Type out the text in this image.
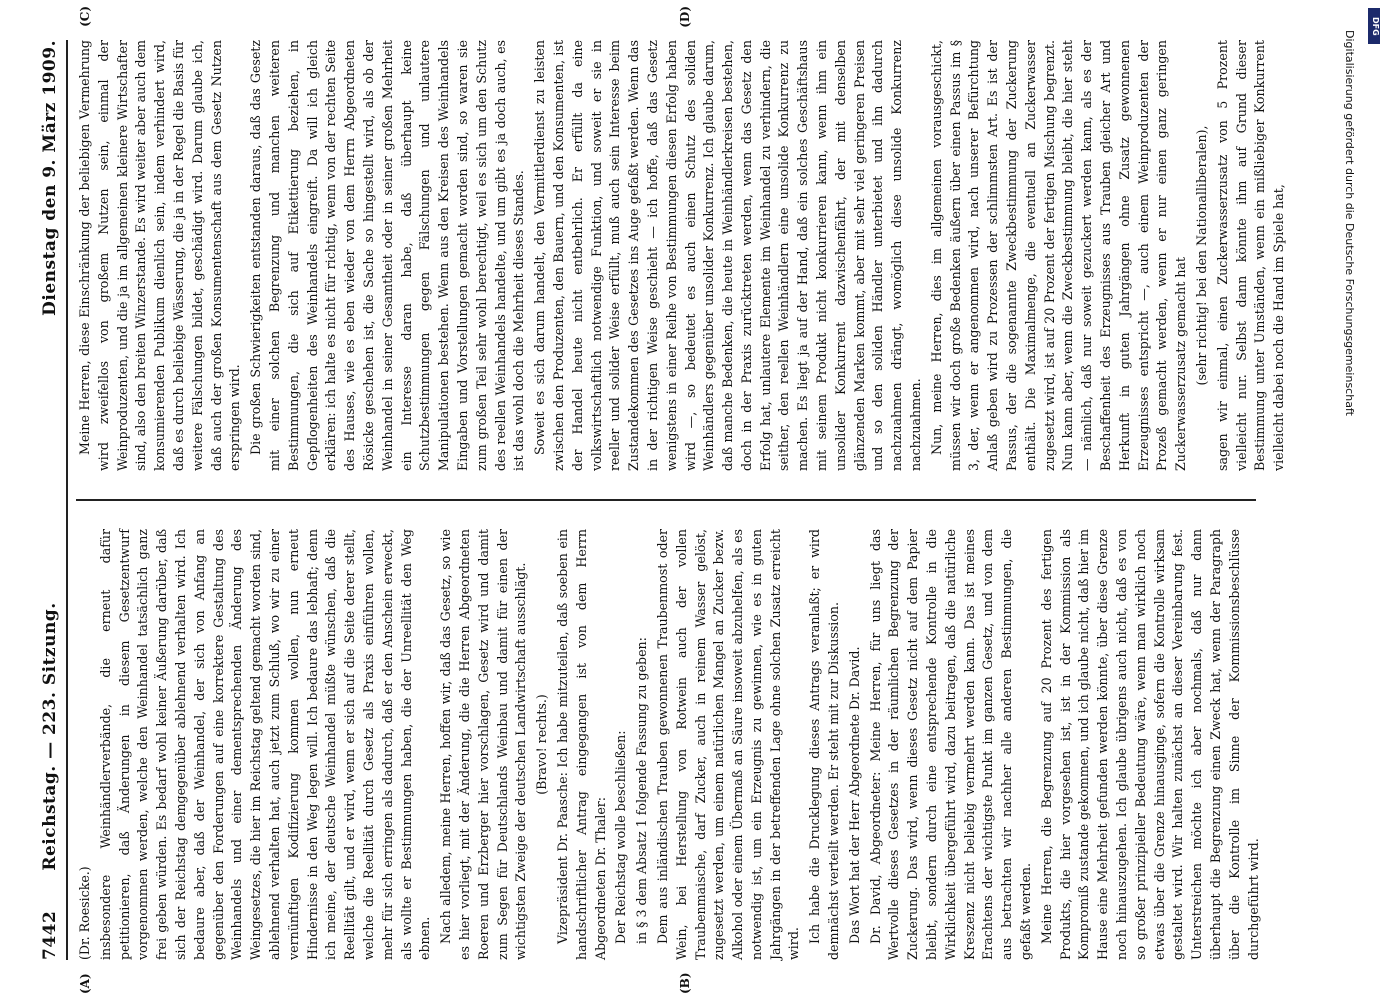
7442
Reichstag. — 223. Sitzung.
Dienstag den 9. März 1909.
(A)	(B)

(Dr. Roesicke.) insbesondere Weinhändlerverbände, die erneut dafür petitionieren, daß Änderungen in diesem Gesetzentwurf vorgenommen werden, welche den Weinhandel tatsächlich ganz frei geben würden. Es bedarf wohl keiner Äußerung darüber, daß sich der Reichstag demgegenüber ablehnend verhalten wird. Ich bedaure aber, daß der Weinhandel, der sich von Anfang an gegenüber den Forderungen auf eine korrektere Gestaltung des Weinhandels und einer dementsprechenden Änderung des Weingesetzes, die hier im Reichstag geltend gemacht worden sind, ablehnend verhalten hat, auch jetzt zum Schluß, wo wir zu einer vernünftigen Kodifizierung kommen wollen, nun erneut Hindernisse in den Weg legen will. Ich bedaure das lebhaft; denn ich meine, der deutsche Weinhandel müßte wünschen, daß die Reellität gilt, und er wird, wenn er sich auf die Seite derer stellt, welche die Reellität durch Gesetz als Praxis einführen wollen, mehr für sich erringen als dadurch, daß er den Anschein erweckt, als wollte er Bestimmungen haben, die der Unreellität den Weg ebnen. Nach alledem, meine Herren, hoffen wir, daß das Gesetz, so wie es hier vorliegt, mit der Änderung, die die Herren Abgeordneten Roeren und Erzberger hier vorschlagen, Gesetz wird und damit zum Segen für Deutschlands Weinbau und damit für einen der wichtigsten Zweige der deutschen Landwirtschaft ausschlägt. (Bravo! rechts.) Vizepräsident Dr. Paasche: Ich habe mitzuteilen, daß soeben ein handschriftlicher Antrag eingegangen ist von dem Herrn Abgeordneten Dr. Thaler: Der Reichstag wolle beschließen: in § 3 dem Absatz 1 folgende Fassung zu geben: Dem aus inländischen Trauben gewonnenen Traubenmost oder Wein, bei Herstellung von Rotwein auch der vollen Traubenmaische, darf Zucker, auch in reinem Wasser gelöst, zugesetzt werden, um einem natürlichen Mangel an Zucker bezw. Alkohol oder einem Übermaß an Säure insoweit abzuhelfen, als es notwendig ist, um ein Erzeugnis zu gewinnen, wie es in guten Jahrgängen in der betreffenden Lage ohne solchen Zusatz erreicht wird. Ich habe die Drucklegung dieses Antrags veranlaßt; er wird demnächst verteilt werden. Er steht mit zur Diskussion. Das Wort hat der Herr Abgeordnete Dr. David. Dr. David, Abgeordneter: Meine Herren, für uns liegt das Wertvolle dieses Gesetzes in der räumlichen Begrenzung der Zuckerung. Das wird, wenn dieses Gesetz nicht auf dem Papier bleibt, sondern durch eine entsprechende Kontrolle in die Wirklichkeit übergeführt wird, dazu beitragen, daß die natürliche Kreszenz nicht beliebig vermehrt werden kann. Das ist meines Erachtens der wichtigste Punkt im ganzen Gesetz, und von dem aus betrachten wir nachher alle anderen Bestimmungen, die gefaßt werden. Meine Herren, die Begrenzung auf 20 Prozent des fertigen Produkts, die hier vorgesehen ist, ist in der Kommission als Kompromiß zustande gekommen, und ich glaube nicht, daß hier im Hause eine Mehrheit gefunden werden könnte, über diese Grenze noch hinauszugehen. Ich glaube übrigens auch nicht, daß es von so großer prinzipieller Bedeutung wäre, wenn man wirklich noch etwas über die Grenze hinausginge, sofern die Kontrolle wirksam gestaltet wird. Wir halten zunächst an dieser Vereinbarung fest. Unterstreichen möchte ich aber nochmals, daß nur dann überhaupt die Begrenzung einen Zweck hat, wenn der Paragraph über die Kontrolle im Sinne der Kommissionsbeschlüsse durchgeführt wird.

(C)	(D)

Meine Herren, diese Einschränkung der beliebigen Vermehrung wird zweifellos von großem Nutzen sein, einmal der Weinproduzenten, und die ja im allgemeinen kleinere Wirtschafter sind, also den breiten Winzerstande. Es wird weiter aber auch dem konsumierenden Publikum dienlich sein, indem verhindert wird, daß es durch beliebige Wässerung, die ja in der Regel die Basis für weitere Fälschungen bildet, geschädigt wird. Darum glaube ich, daß auch der großen Konsumentenschaft aus dem Gesetz Nutzen erspringen wird. Die großen Schwierigkeiten entstanden daraus, daß das Gesetz mit einer solchen Begrenzung und manchen weiteren Bestimmungen, die sich auf Etikettierung beziehen, in Gepflogenheiten des Weinhandels eingreift. Da will ich gleich erklären: ich halte es nicht für richtig, wenn von der rechten Seite des Hauses, wie es eben wieder von dem Herrn Abgeordneten Rösicke geschehen ist, die Sache so hingestellt wird, als ob der Weinhandel in seiner Gesamtheit oder in seiner großen Mehrheit ein Interesse daran habe, daß überhaupt keine Schutzbestimmungen gegen Fälschungen und unlautere Manipulationen bestehen. Wenn aus den Kreisen des Weinhandels Eingaben und Vorstellungen gemacht worden sind, so waren sie zum großen Teil sehr wohl berechtigt, weil es sich um den Schutz des reellen Weinhandels handelte, und um gibt es ja doch auch, es ist das wohl doch die Mehrheit dieses Standes. Soweit es sich darum handelt, den Vermittlerdienst zu leisten zwischen den Produzenten, den Bauern, und den Konsumenten, ist der Handel heute nicht entbehrlich. Er erfüllt da eine volkswirtschaftlich notwendige Funktion, und soweit er sie in reeller und solider Weise erfüllt, muß auch sein Interesse beim Zustandekommen des Gesetzes ins Auge gefaßt werden. Wenn das in der richtigen Weise geschieht — ich hoffe, daß das Gesetz wenigstens in einer Reihe von Bestimmungen diesen Erfolg haben wird —, so bedeutet es auch einen Schutz des soliden Weinhändlers gegenüber unsolider Konkurrenz. Ich glaube darum, daß manche Bedenken, die heute in Weinhändlerkreisen bestehen, doch in der Praxis zurücktreten werden, wenn das Gesetz den Erfolg hat, unlautere Elemente im Weinhandel zu verhindern, die seither, den reellen Weinhändlern eine unsolide Konkurrenz zu machen. Es liegt ja auf der Hand, daß ein solches Geschäftshaus mit seinem Produkt nicht konkurrieren kann, wenn ihm ein unsolider Konkurrent dazwischenfährt, der mit denselben glänzenden Marken kommt, aber mit sehr viel geringeren Preisen und so den soliden Händler unterbietet und ihn dadurch nachzuahmen drängt, womöglich diese unsolide Konkurrenz nachzuahmen. Nun, meine Herren, dies im allgemeinen vorausgeschickt, müssen wir doch große Bedenken äußern über einen Passus im § 3, der, wenn er angenommen wird, nach unserer Befürchtung Anlaß geben wird zu Prozessen der schlimmsten Art. Es ist der Passus, der die sogenannte Zweckbestimmung der Zuckerung enthält. Die Maximalmenge, die eventuell an Zuckerwasser zugesetzt wird, ist auf 20 Prozent der fertigen Mischung begrenzt. Nun kann aber, wenn die Zweckbestimmung bleibt, die hier steht — nämlich, daß nur soweit gezuckert werden kann, als es der Beschaffenheit des Erzeugnisses aus Trauben gleicher Art und Herkunft in guten Jahrgängen ohne Zusatz gewonnenen Erzeugnisses entspricht —, auch einem Weinproduzenten der Prozeß gemacht werden, wenn er nur einen ganz geringen Zuckerwasserzusatz gemacht hat (sehr richtig! bei den Nationalliberalen), sagen wir einmal, einen Zuckerwasserzusatz von 5 Prozent vielleicht nur. Selbst dann könnte ihm auf Grund dieser Bestimmung unter Umständen, wenn ein mißliebiger Konkurrent vielleicht dabei noch die Hand im Spiele hat,

DFG
Digitalisierung gefördert durch die Deutsche Forschungsgemeinschaft
